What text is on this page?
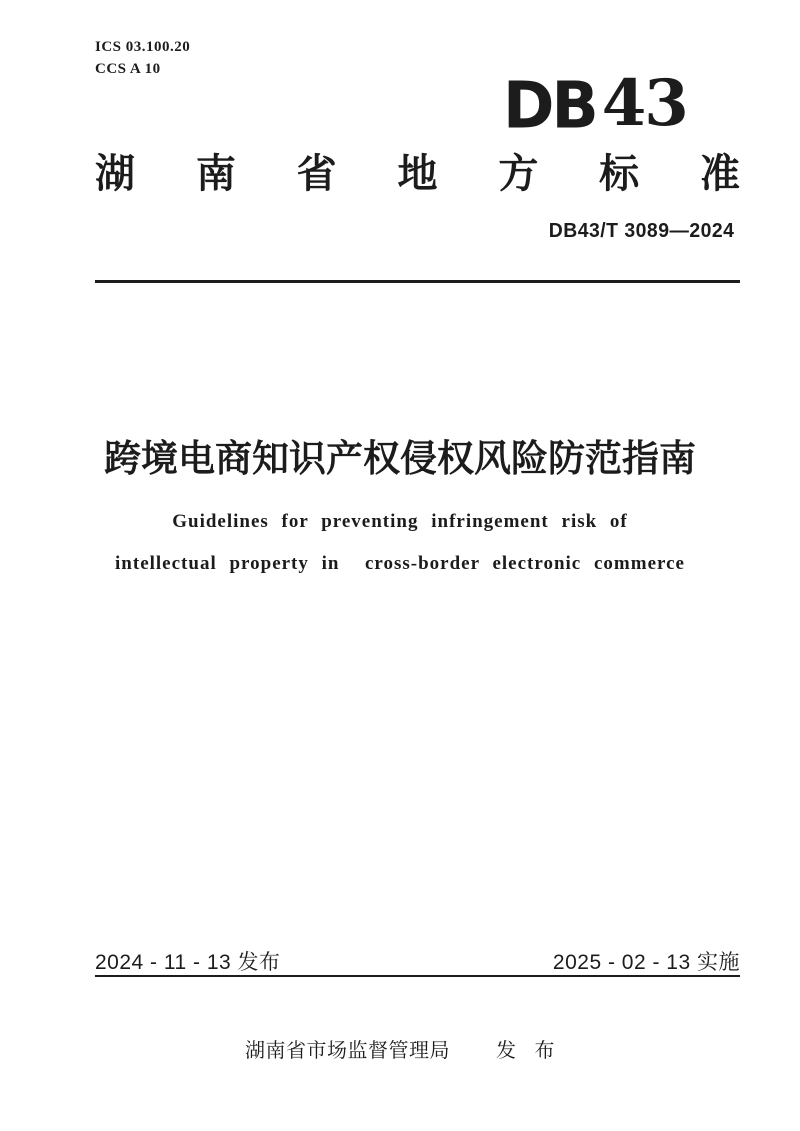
ICS 03.100.20
CCS A 10	DB43
湖南省地方标准
DB43/T 3089—2024
跨境电商知识产权侵权风险防范指南
Guidelines for preventing infringement risk of
intellectual property in  cross-border electronic commerce
2024 - 11 - 13 发布	2025 - 02 - 13 实施
湖南省市场监督管理局 发 布
